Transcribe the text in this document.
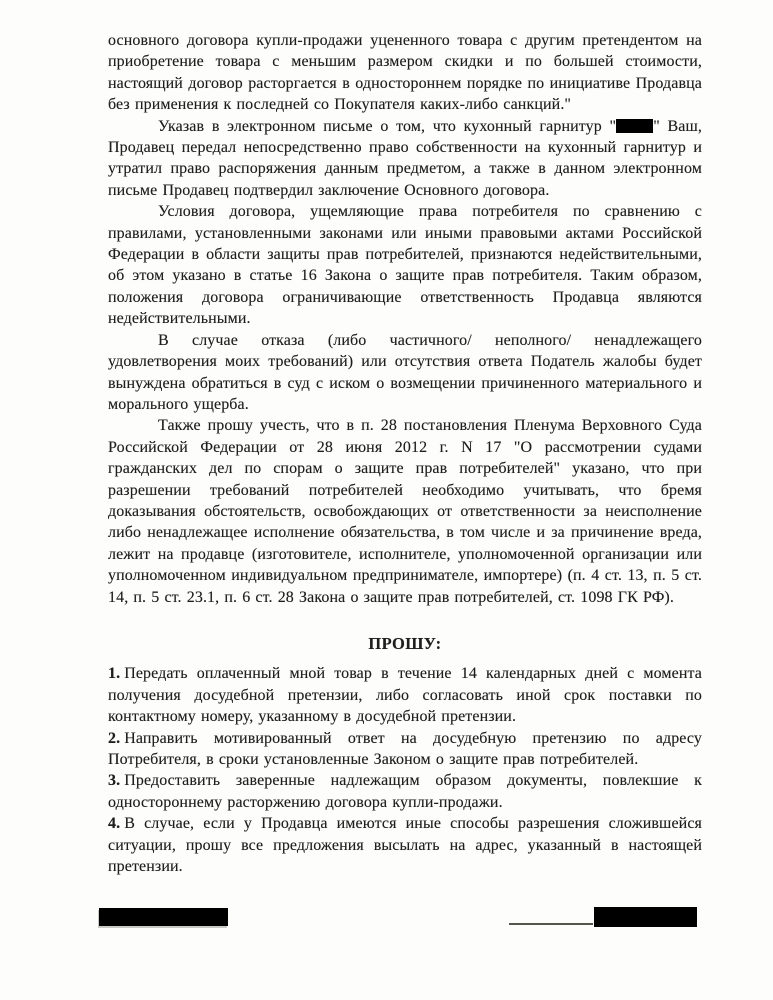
основного договора купли-продажи уцененного товара с другим претендентом на приобретение товара с меньшим размером скидки и по большей стоимости, настоящий договор расторгается в одностороннем порядке по инициативе Продавца без применения к последней со Покупателя каких-либо санкций."

Указав в электронном письме о том, что кухонный гарнитур " " Ваш, Продавец передал непосредственно право собственности на кухонный гарнитур и утратил право распоряжения данным предметом, а также в данном электронном письме Продавец подтвердил заключение Основного договора.

Условия договора, ущемляющие права потребителя по сравнению с правилами, установленными законами или иными правовыми актами Российской Федерации в области защиты прав потребителей, признаются недействительными, об этом указано в статье 16 Закона о защите прав потребителя. Таким образом, положения договора ограничивающие ответственность Продавца являются недействительными.

В случае отказа (либо частичного/ неполного/ ненадлежащего удовлетворения моих требований) или отсутствия ответа Податель жалобы будет вынуждена обратиться в суд с иском о возмещении причиненного материального и морального ущерба.

Также прошу учесть, что в п. 28 постановления Пленума Верховного Суда Российской Федерации от 28 июня 2012 г. N 17 "О рассмотрении судами гражданских дел по спорам о защите прав потребителей" указано, что при разрешении требований потребителей необходимо учитывать, что бремя доказывания обстоятельств, освобождающих от ответственности за неисполнение либо ненадлежащее исполнение обязательства, в том числе и за причинение вреда, лежит на продавце (изготовителе, исполнителе, уполномоченной организации или уполномоченном индивидуальном предпринимателе, импортере) (п. 4 ст. 13, п. 5 ст. 14, п. 5 ст. 23.1, п. 6 ст. 28 Закона о защите прав потребителей, ст. 1098 ГК РФ).

ПРОШУ:

1. Передать оплаченный мной товар в течение 14 календарных дней с момента получения досудебной претензии, либо согласовать иной срок поставки по контактному номеру, указанному в досудебной претензии.

2. Направить мотивированный ответ на досудебную претензию по адресу Потребителя, в сроки установленные Законом о защите прав потребителей.

3. Предоставить заверенные надлежащим образом документы, повлекшие к одностороннему расторжению договора купли-продажи.

4. В случае, если у Продавца имеются иные способы разрешения сложившейся ситуации, прошу все предложения высылать на адрес, указанный в настоящей претензии.
